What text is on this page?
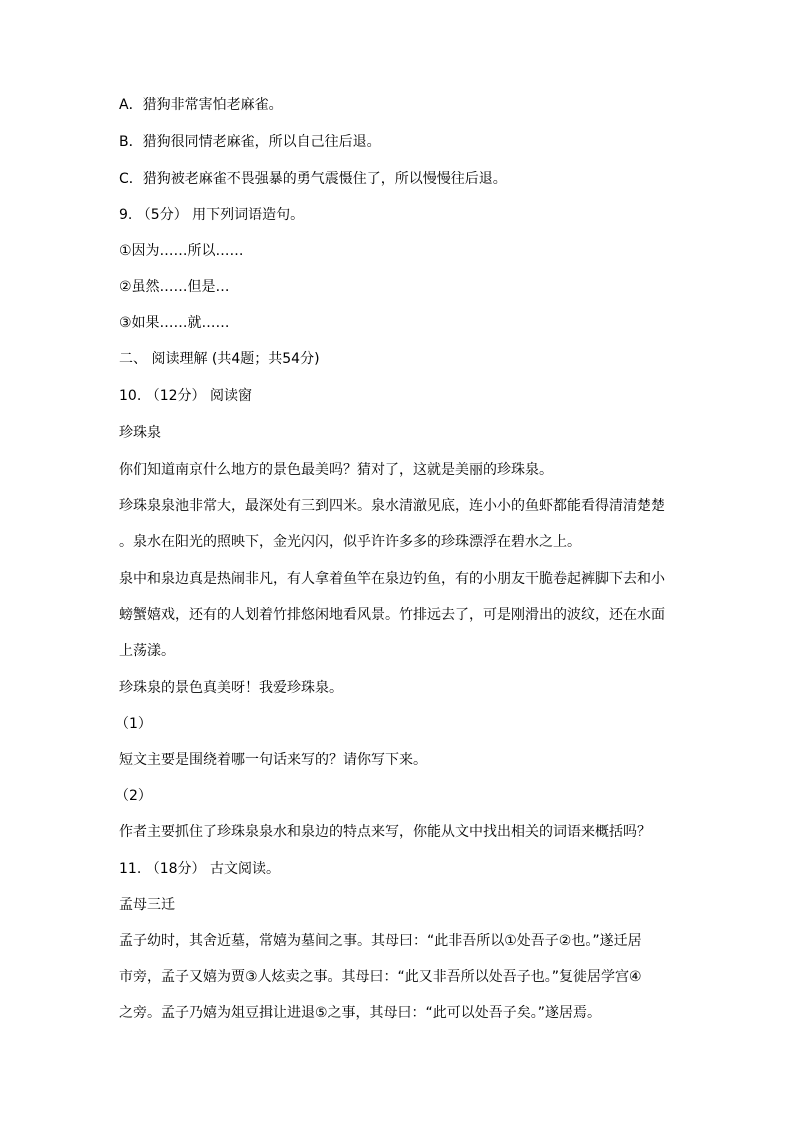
A．猎狗非常害怕老麻雀。
B．猎狗很同情老麻雀，所以自己往后退。
C．猎狗被老麻雀不畏强暴的勇气震慑住了，所以慢慢往后退。
9. （5分） 用下列词语造句。
①因为……所以……
②虽然……但是…
③如果……就……
二、 阅读理解 (共4题；共54分)
10. （12分） 阅读窗
珍珠泉
你们知道南京什么地方的景色最美吗？猜对了，这就是美丽的珍珠泉。
珍珠泉泉池非常大，最深处有三到四米。泉水清澈见底，连小小的鱼虾都能看得清清楚楚
。泉水在阳光的照映下，金光闪闪，似乎许许多多的珍珠漂浮在碧水之上。
泉中和泉边真是热闹非凡，有人拿着鱼竿在泉边钓鱼，有的小朋友干脆卷起裤脚下去和小
螃蟹嬉戏，还有的人划着竹排悠闲地看风景。竹排远去了，可是刚滑出的波纹，还在水面
上荡漾。
珍珠泉的景色真美呀！我爱珍珠泉。
（1）
短文主要是围绕着哪一句话来写的？请你写下来。
（2）
作者主要抓住了珍珠泉泉水和泉边的特点来写，你能从文中找出相关的词语来概括吗？
11. （18分） 古文阅读。
孟母三迁
孟子幼时，其舍近墓，常嬉为墓间之事。其母曰：“此非吾所以①处吾子②也。”遂迁居
市旁，孟子又嬉为贾③人炫卖之事。其母曰：“此又非吾所以处吾子也。”复徙居学宫④
之旁。孟子乃嬉为俎豆揖让进退⑤之事，其母曰：“此可以处吾子矣。”遂居焉。
